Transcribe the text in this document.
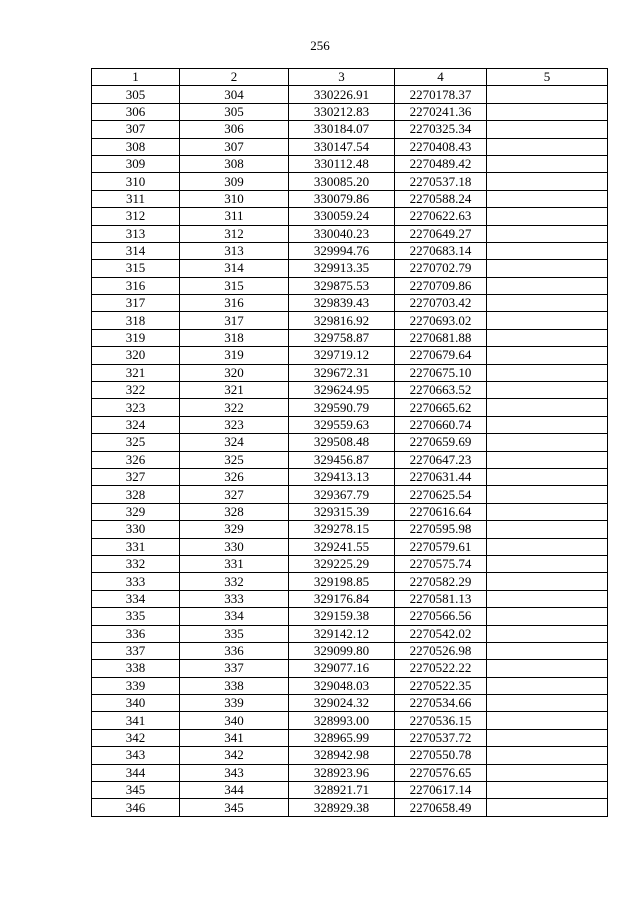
256
1	2	3	4	5
305	304	330226.91	2270178.37	
306	305	330212.83	2270241.36	
307	306	330184.07	2270325.34	
308	307	330147.54	2270408.43	
309	308	330112.48	2270489.42	
310	309	330085.20	2270537.18	
311	310	330079.86	2270588.24	
312	311	330059.24	2270622.63	
313	312	330040.23	2270649.27	
314	313	329994.76	2270683.14	
315	314	329913.35	2270702.79	
316	315	329875.53	2270709.86	
317	316	329839.43	2270703.42	
318	317	329816.92	2270693.02	
319	318	329758.87	2270681.88	
320	319	329719.12	2270679.64	
321	320	329672.31	2270675.10	
322	321	329624.95	2270663.52	
323	322	329590.79	2270665.62	
324	323	329559.63	2270660.74	
325	324	329508.48	2270659.69	
326	325	329456.87	2270647.23	
327	326	329413.13	2270631.44	
328	327	329367.79	2270625.54	
329	328	329315.39	2270616.64	
330	329	329278.15	2270595.98	
331	330	329241.55	2270579.61	
332	331	329225.29	2270575.74	
333	332	329198.85	2270582.29	
334	333	329176.84	2270581.13	
335	334	329159.38	2270566.56	
336	335	329142.12	2270542.02	
337	336	329099.80	2270526.98	
338	337	329077.16	2270522.22	
339	338	329048.03	2270522.35	
340	339	329024.32	2270534.66	
341	340	328993.00	2270536.15	
342	341	328965.99	2270537.72	
343	342	328942.98	2270550.78	
344	343	328923.96	2270576.65	
345	344	328921.71	2270617.14	
346	345	328929.38	2270658.49	
